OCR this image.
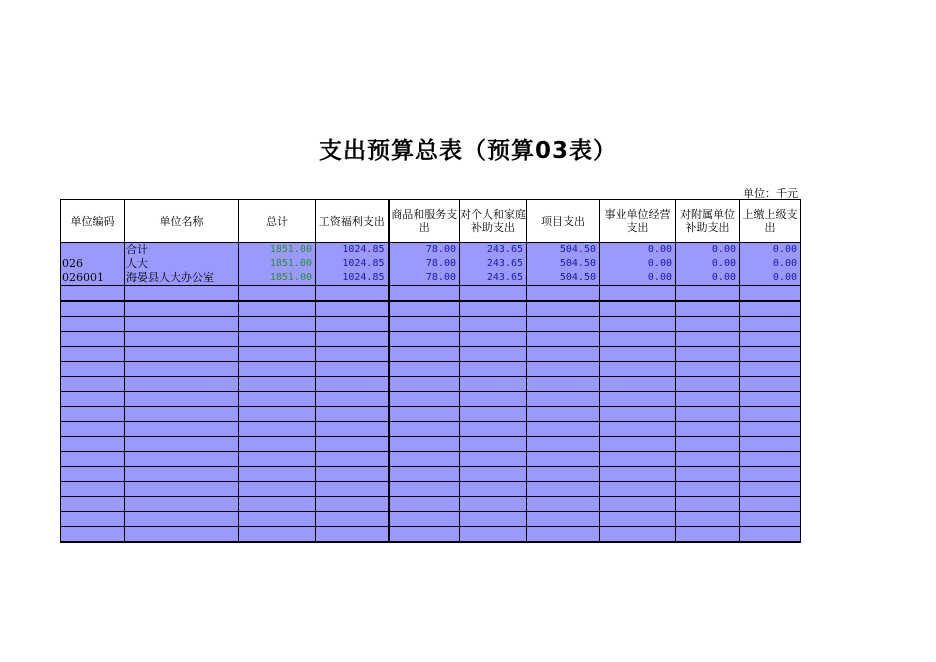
支出预算总表（预算03表）
单位：千元
单位编码	单位名称	总计	工资福利支出	商品和服务支出	对个人和家庭补助支出	项目支出	事业单位经营支出	对附属单位补助支出	上缴上级支出
	合计	1851.00	1024.85	78.00	243.65	504.50	0.00	0.00	0.00
026	人大	1851.00	1024.85	78.00	243.65	504.50	0.00	0.00	0.00
026001	海晏县人大办公室	1851.00	1024.85	78.00	243.65	504.50	0.00	0.00	0.00
